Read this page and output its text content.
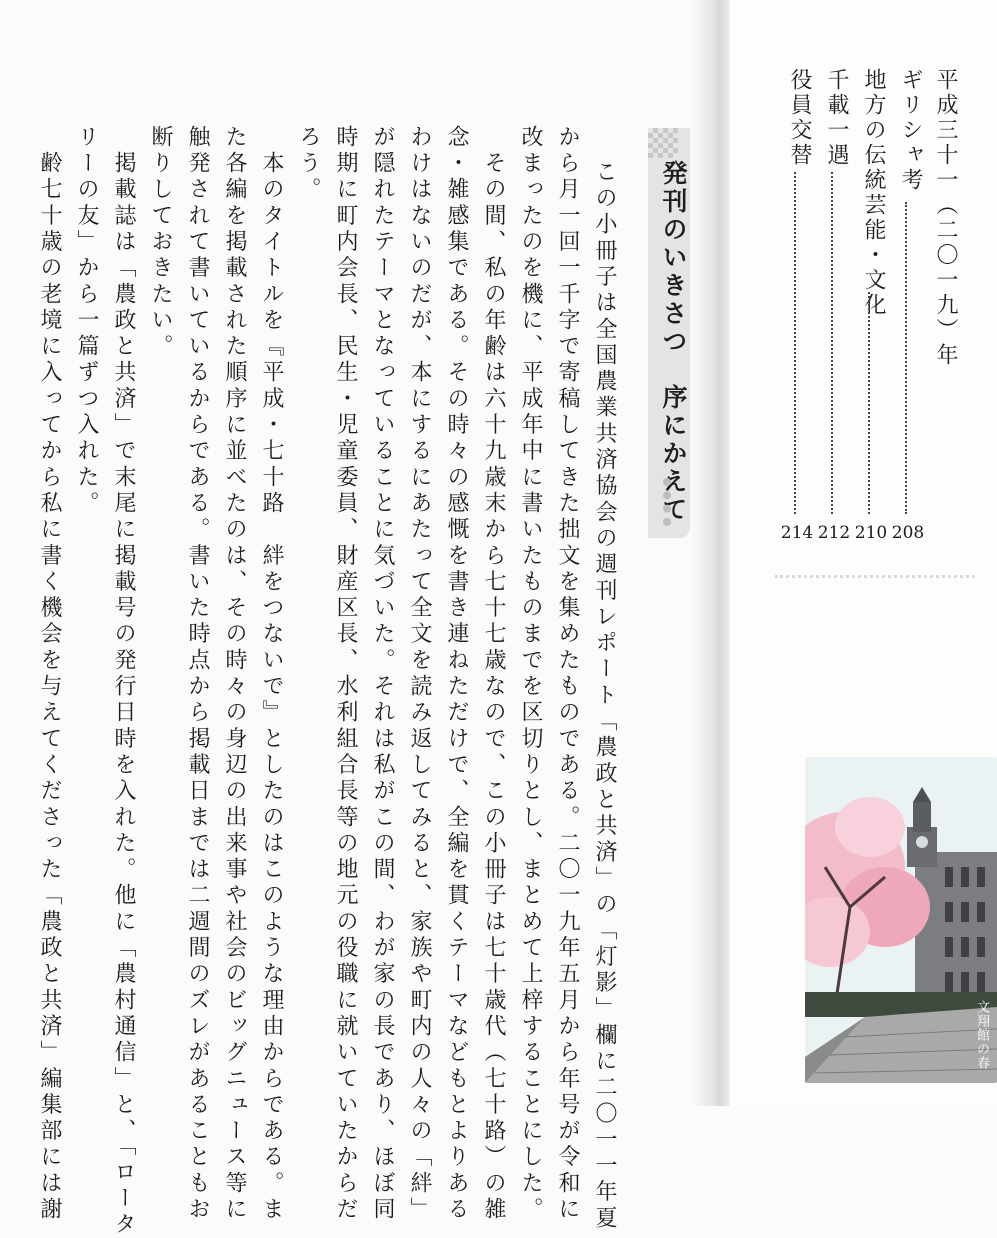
平成三十一（二〇一九）年
ギリシャ考
208
地方の伝統芸能・文化
210
千載一遇
212
役員交替
214
発刊のいきさつ　序にかえて
この小冊子は全国農業共済協会の週刊レポート「農政と共済」の「灯影」欄に二〇一一年夏
から月一回一千字で寄稿してきた拙文を集めたものである。二〇一九年五月から年号が令和に
改まったのを機に、平成年中に書いたものまでを区切りとし、まとめて上梓することにした。
　その間、私の年齢は六十九歳末から七十七歳なので、この小冊子は七十歳代（七十路）の雑
念・雑感集である。その時々の感慨を書き連ねただけで、全編を貫くテーマなどもとよりある
わけはないのだが、本にするにあたって全文を読み返してみると、家族や町内の人々の「絆」
が隠れたテーマとなっていることに気づいた。それは私がこの間、わが家の長であり、ほぼ同
時期に町内会長、民生・児童委員、財産区長、水利組合長等の地元の役職に就いていたからだ
ろう。
　本のタイトルを『平成・七十路　絆をつないで』としたのはこのような理由からである。ま
た各編を掲載された順序に並べたのは、その時々の身辺の出来事や社会のビッグニュース等に
触発されて書いているからである。書いた時点から掲載日までは二週間のズレがあることもお
断りしておきたい。
　掲載誌は「農政と共済」で末尾に掲載号の発行日時を入れた。他に「農村通信」と、「ロータ
リーの友」から一篇ずつ入れた。
　齢七十歳の老境に入ってから私に書く機会を与えてくださった「農政と共済」編集部には謝	文翔館の春
